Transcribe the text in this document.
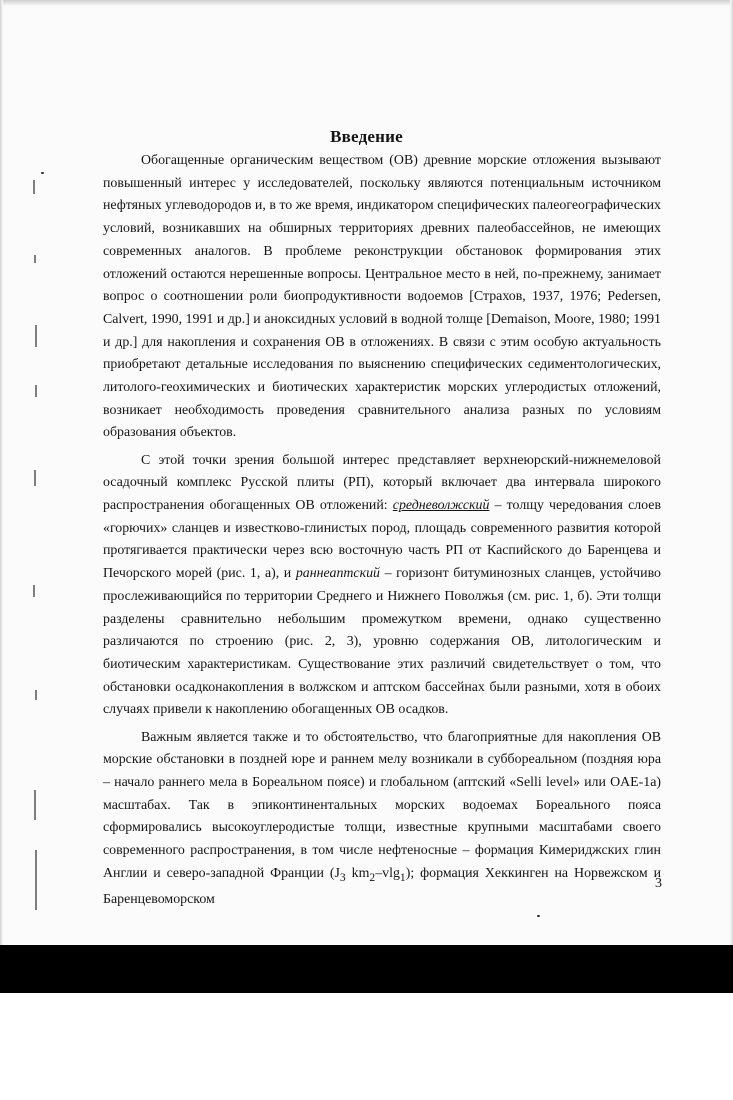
Введение

Обогащенные органическим веществом (ОВ) древние морские отложения вызывают повышенный интерес у исследователей, поскольку являются потенциальным источником нефтяных углеводородов и, в то же время, индикатором специфических палеогеографических условий, возникавших на обширных территориях древних палеобассейнов, не имеющих современных аналогов. В проблеме реконструкции обстановок формирования этих отложений остаются нерешенные вопросы. Центральное место в ней, по-прежнему, занимает вопрос о соотношении роли биопродуктивности водоемов [Страхов, 1937, 1976; Pedersen, Calvert, 1990, 1991 и др.] и аноксидных условий в водной толще [Demaison, Moore, 1980; 1991 и др.] для накопления и сохранения ОВ в отложениях. В связи с этим особую актуальность приобретают детальные исследования по выяснению специфических седиментологических, литолого-геохимических и биотических характеристик морских углеродистых отложений, возникает необходимость проведения сравнительного анализа разных по условиям образования объектов.

С этой точки зрения большой интерес представляет верхнеюрский-нижнемеловой осадочный комплекс Русской плиты (РП), который включает два интервала широкого распространения обогащенных ОВ отложений: средневолжский – толщу чередования слоев «горючих» сланцев и известково-глинистых пород, площадь современного развития которой протягивается практически через всю восточную часть РП от Каспийского до Баренцева и Печорского морей (рис. 1, а), и раннеаптский – горизонт битуминозных сланцев, устойчиво прослеживающийся по территории Среднего и Нижнего Поволжья (см. рис. 1, б). Эти толщи разделены сравнительно небольшим промежутком времени, однако существенно различаются по строению (рис. 2, 3), уровню содержания ОВ, литологическим и биотическим характеристикам. Существование этих различий свидетельствует о том, что обстановки осадконакопления в волжском и аптском бассейнах были разными, хотя в обоих случаях привели к накоплению обогащенных ОВ осадков.

Важным является также и то обстоятельство, что благоприятные для накопления ОВ морские обстановки в поздней юре и раннем мелу возникали в суббореальном (поздняя юра – начало раннего мела в Бореальном поясе) и глобальном (аптский «Selli level» или OAE-1a) масштабах. Так в эпиконтинентальных морских водоемах Бореального пояса сформировались высокоуглеродистые толщи, известные крупными масштабами своего современного распространения, в том числе нефтеносные – формация Кимериджских глин Англии и северо-западной Франции ($J_3$ $km_2-vlg_1$); формация Хеккинген на Норвежском и Баренцевоморском

3
